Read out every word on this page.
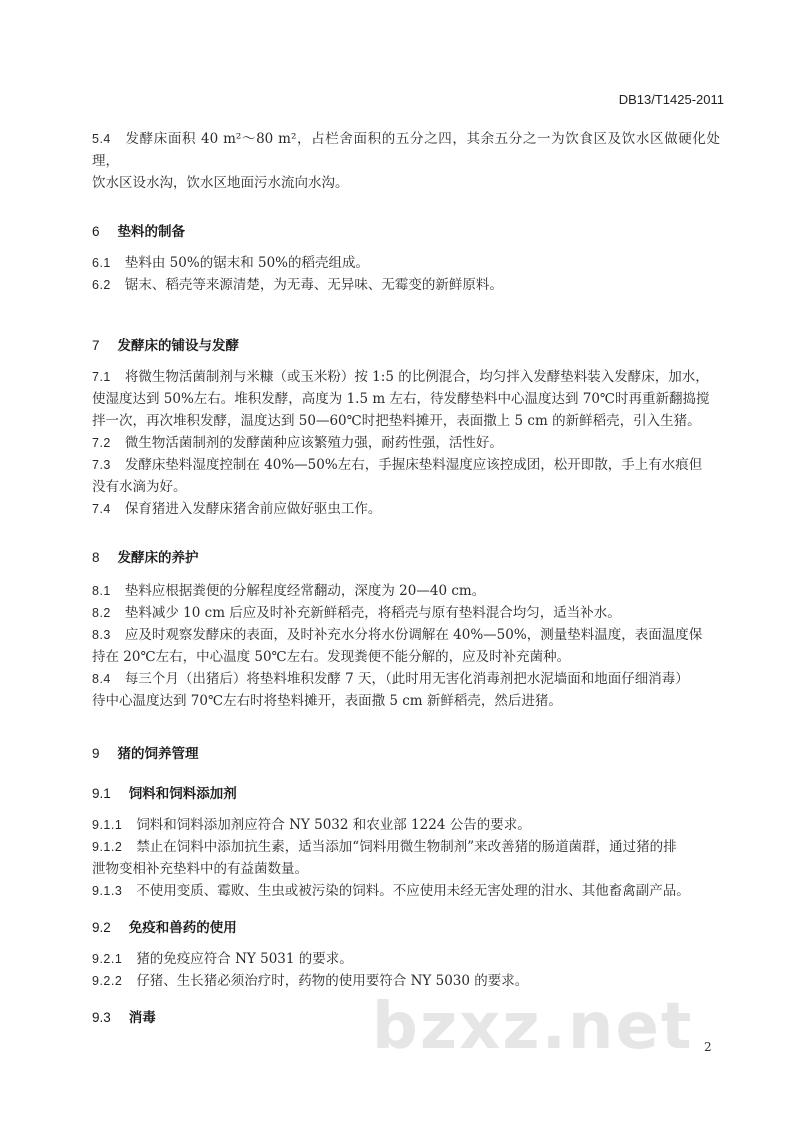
DB13/T1425-2011
5.4 发酵床面积 40 m²～80 m²，占栏舍面积的五分之四，其余五分之一为饮食区及饮水区做硬化处理，
饮水区设水沟，饮水区地面污水流向水沟。
6 垫料的制备
6.1 垫料由 50%的锯末和 50%的稻壳组成。
6.2 锯末、稻壳等来源清楚，为无毒、无异味、无霉变的新鲜原料。
7 发酵床的铺设与发酵
7.1 将微生物活菌制剂与米糠（或玉米粉）按 1:5 的比例混合，均匀拌入发酵垫料装入发酵床，加水，
使湿度达到 50%左右。堆积发酵，高度为 1.5 m 左右，待发酵垫料中心温度达到 70℃时再重新翻捣搅
拌一次，再次堆积发酵，温度达到 50—60℃时把垫料摊开，表面撒上 5 cm 的新鲜稻壳，引入生猪。
7.2 微生物活菌制剂的发酵菌种应该繁殖力强，耐药性强，活性好。
7.3 发酵床垫料湿度控制在 40%—50%左右，手握床垫料湿度应该控成团，松开即散，手上有水痕但
没有水滴为好。
7.4 保育猪进入发酵床猪舍前应做好驱虫工作。
8 发酵床的养护
8.1 垫料应根据粪便的分解程度经常翻动，深度为 20—40 cm。
8.2 垫料减少 10 cm 后应及时补充新鲜稻壳，将稻壳与原有垫料混合均匀，适当补水。
8.3 应及时观察发酵床的表面，及时补充水分将水份调解在 40%—50%，测量垫料温度，表面温度保
持在 20℃左右，中心温度 50℃左右。发现粪便不能分解的，应及时补充菌种。
8.4 每三个月（出猪后）将垫料堆积发酵 7 天，（此时用无害化消毒剂把水泥墙面和地面仔细消毒）
待中心温度达到 70℃左右时将垫料摊开，表面撒 5 cm 新鲜稻壳，然后进猪。
9 猪的饲养管理
9.1 饲料和饲料添加剂
9.1.1 饲料和饲料添加剂应符合 NY 5032 和农业部 1224 公告的要求。
9.1.2 禁止在饲料中添加抗生素，适当添加“饲料用微生物制剂”来改善猪的肠道菌群，通过猪的排
泄物变相补充垫料中的有益菌数量。
9.1.3 不使用变质、霉败、生虫或被污染的饲料。不应使用未经无害处理的泔水、其他畜禽副产品。
9.2 免疫和兽药的使用
9.2.1 猪的免疫应符合 NY 5031 的要求。
9.2.2 仔猪、生长猪必须治疗时，药物的使用要符合 NY 5030 的要求。
9.3 消毒	bzxz.net 2
